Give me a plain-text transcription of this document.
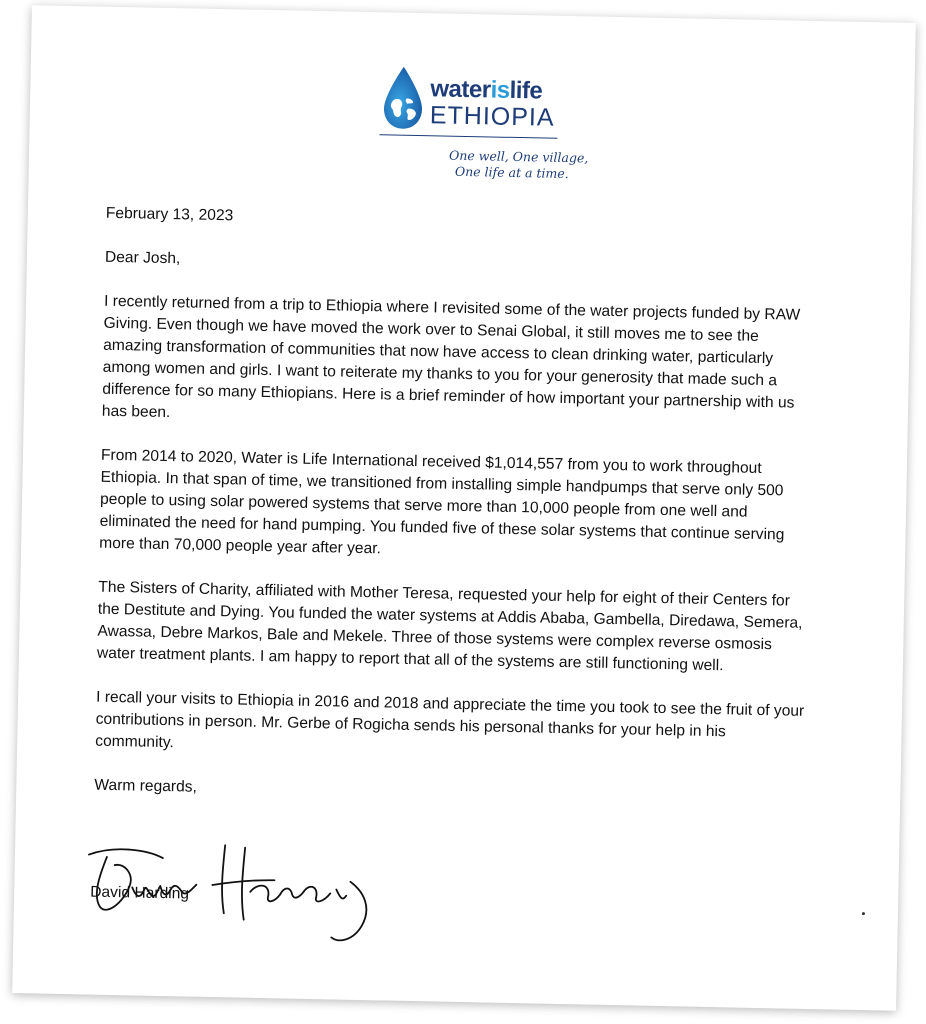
waterislife
ETHIOPIA
One well, One village,
One life at a time.

February 13, 2023

Dear Josh,

I recently returned from a trip to Ethiopia where I revisited some of the water projects funded by RAW Giving. Even though we have moved the work over to Senai Global, it still moves me to see the amazing transformation of communities that now have access to clean drinking water, particularly among women and girls. I want to reiterate my thanks to you for your generosity that made such a difference for so many Ethiopians. Here is a brief reminder of how important your partnership with us has been.

From 2014 to 2020, Water is Life International received $1,014,557 from you to work throughout Ethiopia. In that span of time, we transitioned from installing simple handpumps that serve only 500 people to using solar powered systems that serve more than 10,000 people from one well and eliminated the need for hand pumping. You funded five of these solar systems that continue serving more than 70,000 people year after year.

The Sisters of Charity, affiliated with Mother Teresa, requested your help for eight of their Centers for the Destitute and Dying. You funded the water systems at Addis Ababa, Gambella, Diredawa, Semera, Awassa, Debre Markos, Bale and Mekele. Three of those systems were complex reverse osmosis water treatment plants. I am happy to report that all of the systems are still functioning well.

I recall your visits to Ethiopia in 2016 and 2018 and appreciate the time you took to see the fruit of your contributions in person. Mr. Gerbe of Rogicha sends his personal thanks for your help in his community.

Warm regards,

David Harding
